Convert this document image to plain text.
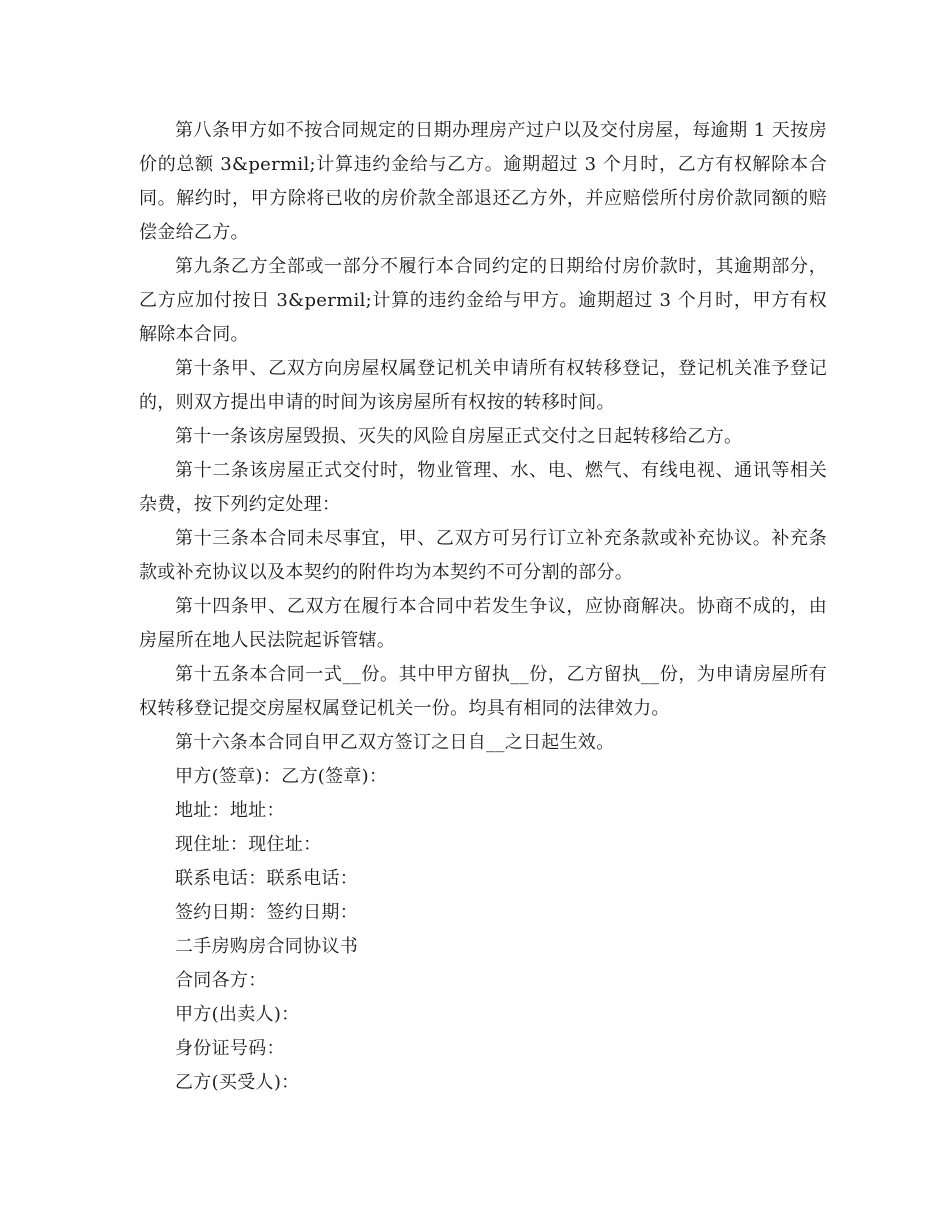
第八条甲方如不按合同规定的日期办理房产过户以及交付房屋，每逾期 1 天按房价的总额 3&permil;计算违约金给与乙方。逾期超过 3 个月时，乙方有权解除本合同。解约时，甲方除将已收的房价款全部退还乙方外，并应赔偿所付房价款同额的赔偿金给乙方。

第九条乙方全部或一部分不履行本合同约定的日期给付房价款时，其逾期部分，乙方应加付按日 3&permil;计算的违约金给与甲方。逾期超过 3 个月时，甲方有权解除本合同。

第十条甲、乙双方向房屋权属登记机关申请所有权转移登记，登记机关准予登记的，则双方提出申请的时间为该房屋所有权按的转移时间。

第十一条该房屋毁损、灭失的风险自房屋正式交付之日起转移给乙方。

第十二条该房屋正式交付时，物业管理、水、电、燃气、有线电视、通讯等相关杂费，按下列约定处理：

第十三条本合同未尽事宜，甲、乙双方可另行订立补充条款或补充协议。补充条款或补充协议以及本契约的附件均为本契约不可分割的部分。

第十四条甲、乙双方在履行本合同中若发生争议，应协商解决。协商不成的，由房屋所在地人民法院起诉管辖。

第十五条本合同一式__份。其中甲方留执__份，乙方留执__份，为申请房屋所有权转移登记提交房屋权属登记机关一份。均具有相同的法律效力。

第十六条本合同自甲乙双方签订之日自__之日起生效。

甲方(签章)：乙方(签章)：

地址：地址：

现住址：现住址：

联系电话：联系电话：

签约日期：签约日期：

二手房购房合同协议书

合同各方：

甲方(出卖人)：

身份证号码：

乙方(买受人)：
